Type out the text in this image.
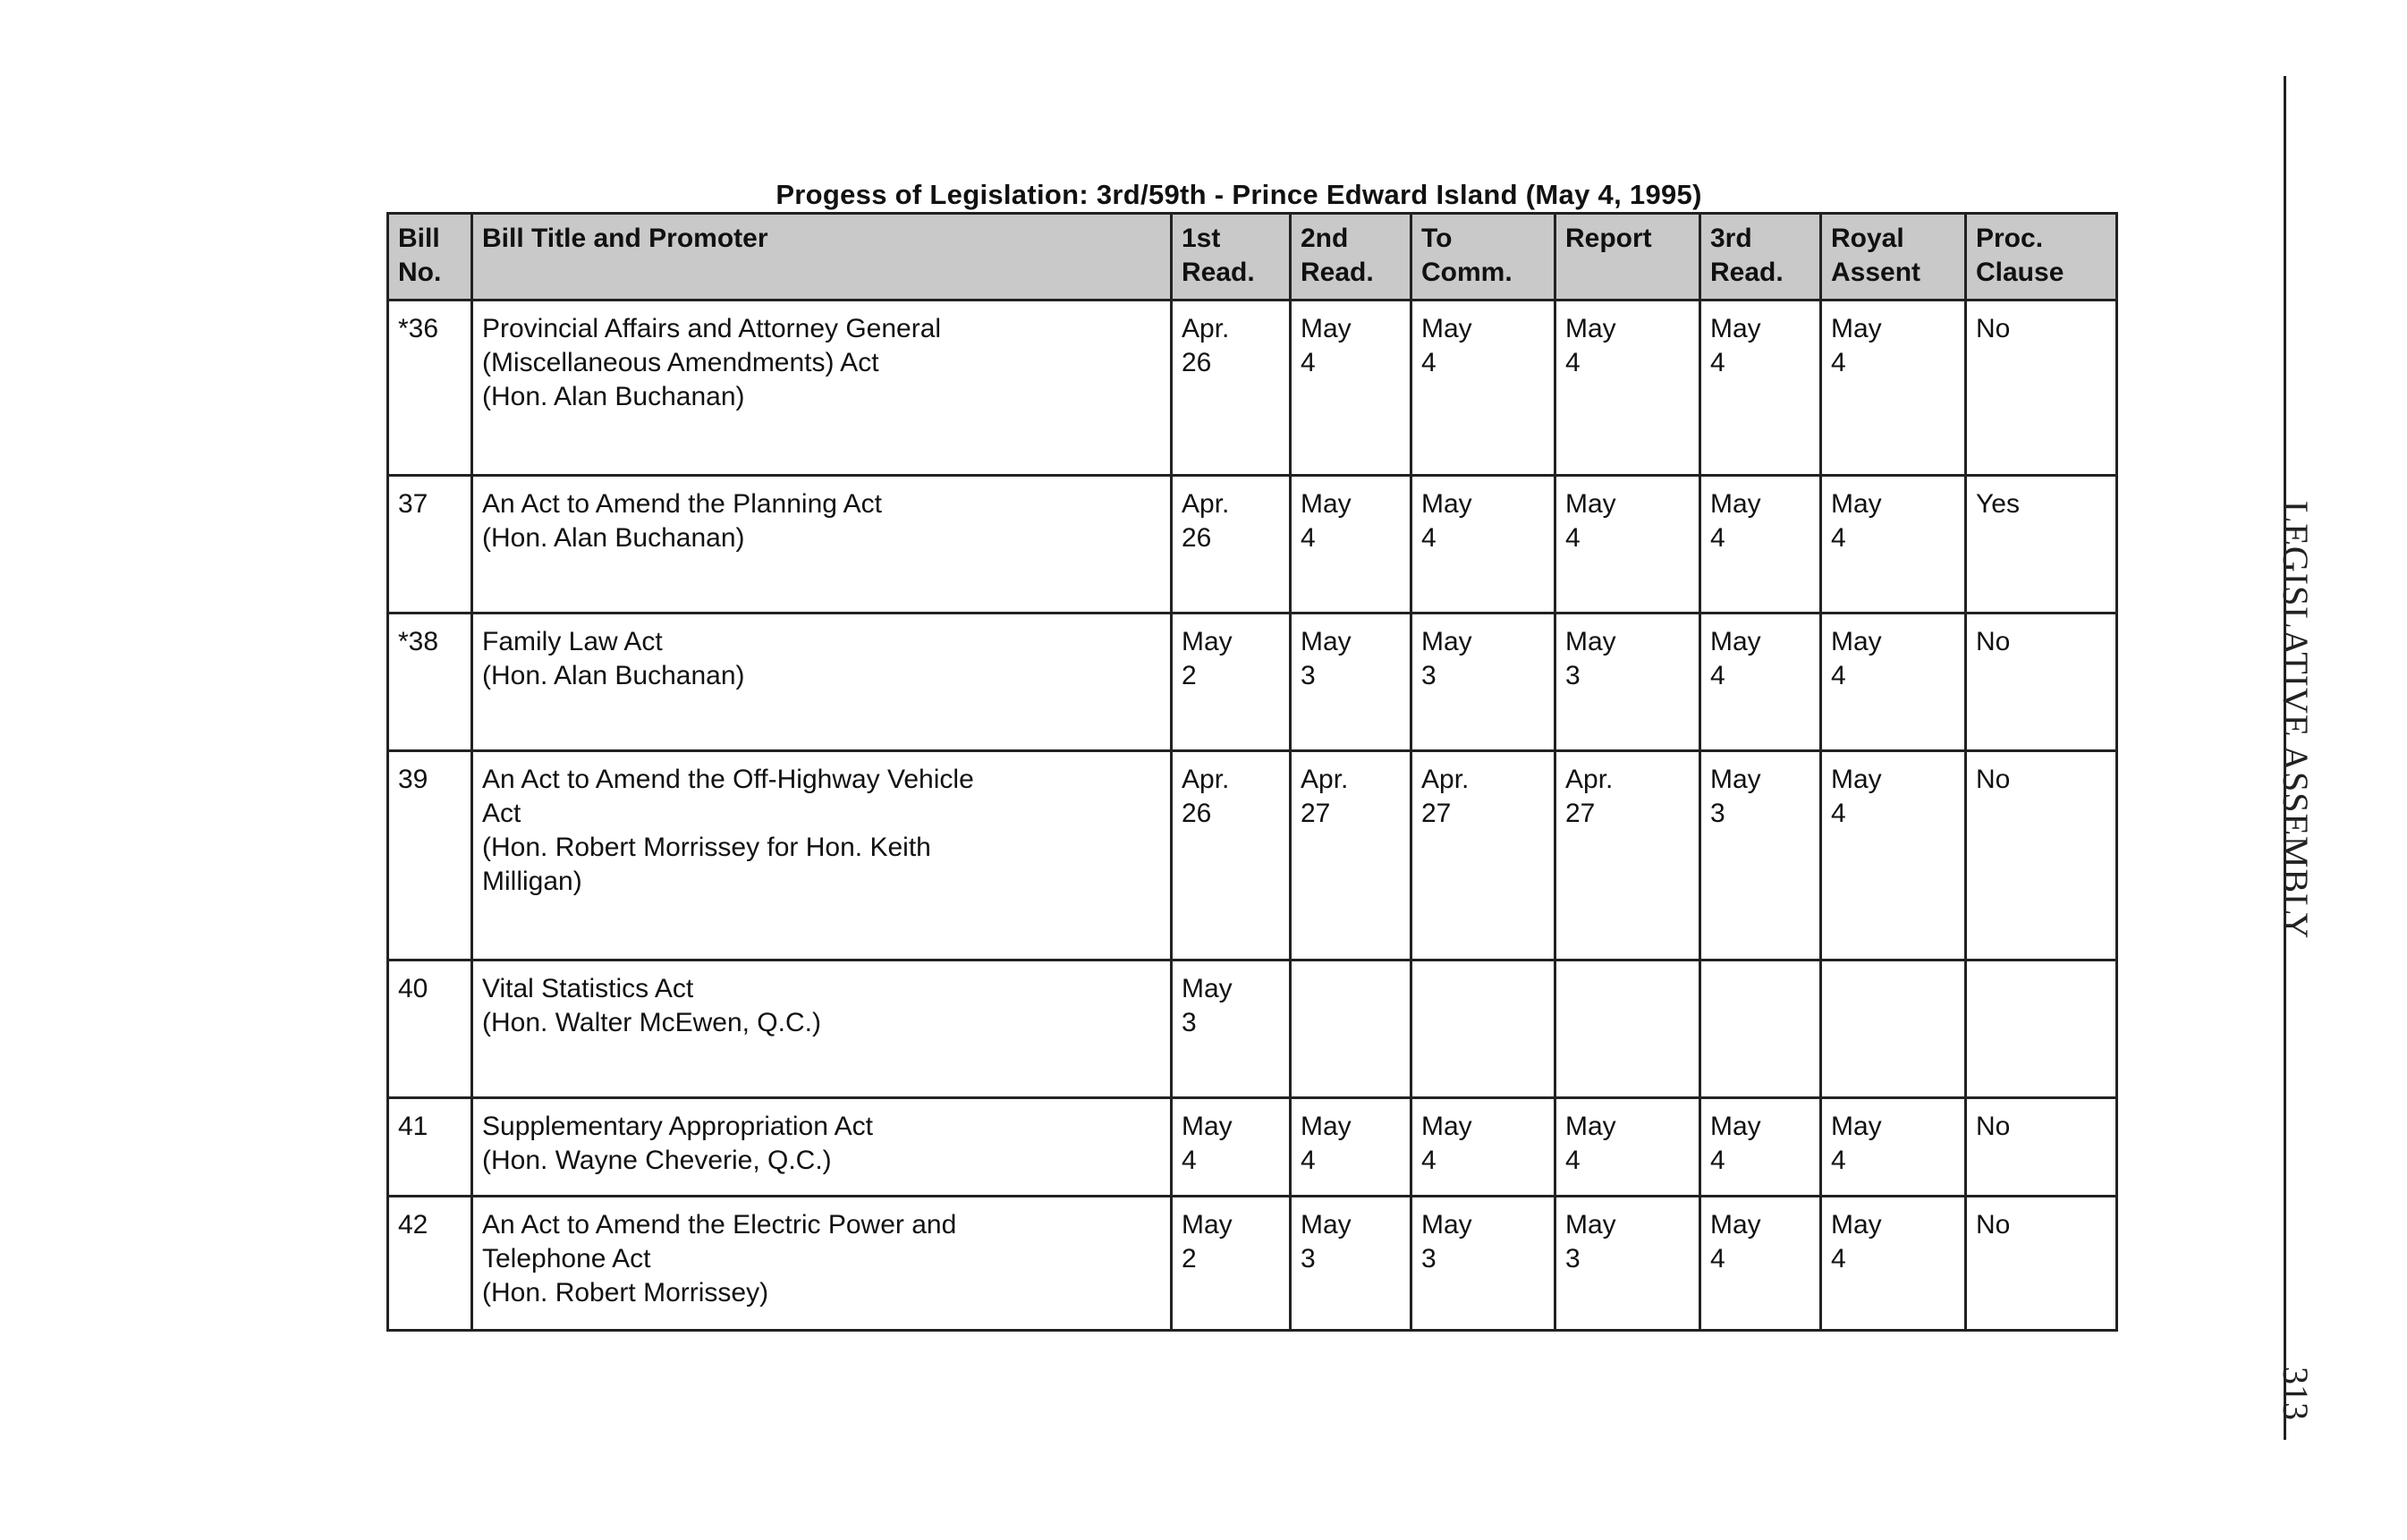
Progess of Legislation: 3rd/59th - Prince Edward Island (May 4, 1995)
Bill
No.	Bill Title and Promoter	1st
Read.	2nd
Read.	To
Comm.	Report	3rd
Read.	Royal
Assent	Proc.
Clause

*36	Provincial Affairs and Attorney General
(Miscellaneous Amendments) Act
(Hon. Alan Buchanan)	Apr.
26	May
4	May
4	May
4	May
4	May
4	No
37	An Act to Amend the Planning Act
(Hon. Alan Buchanan)	Apr.
26	May
4	May
4	May
4	May
4	May
4	Yes
*38	Family Law Act
(Hon. Alan Buchanan)	May
2	May
3	May
3	May
3	May
4	May
4	No
39	An Act to Amend the Off-Highway Vehicle
Act
(Hon. Robert Morrissey for Hon. Keith
Milligan)	Apr.
26	Apr.
27	Apr.
27	Apr.
27	May
3	May
4	No
40	Vital Statistics Act
(Hon. Walter McEwen, Q.C.)	May
3						

41	Supplementary Appropriation Act
(Hon. Wayne Cheverie, Q.C.)	May
4	May
4	May
4	May
4	May
4	May
4	No
42	An Act to Amend the Electric Power and
Telephone Act
(Hon. Robert Morrissey)	May
2	May
3	May
3	May
3	May
4	May
4	No
LEGISLATIVE ASSEMBLY
313
